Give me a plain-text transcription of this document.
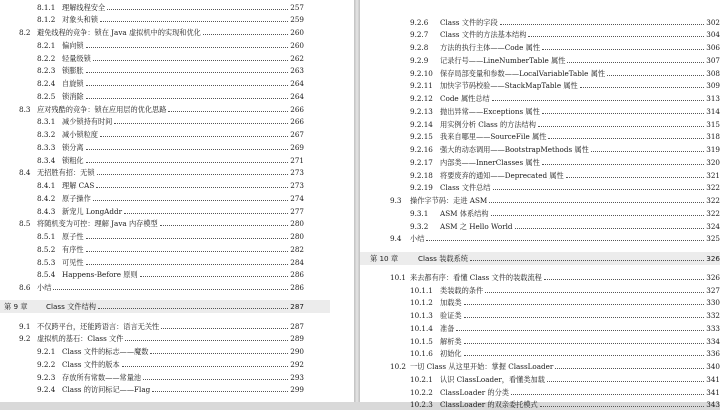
8.1.1 理解线程安全	257
8.1.2 对象头和锁	259
8.2 避免线程的竞争：锁在 Java 虚拟机中的实现和优化	260
8.2.1 偏向锁	260
8.2.2 轻量级锁	262
8.2.3 锁膨胀	263
8.2.4 自旋锁	264
8.2.5 锁消除	264
8.3 应对残酷的竞争：锁在应用层的优化思路	266
8.3.1 减少锁持有时间	266
8.3.2 减小锁粒度	267
8.3.3 锁分离	269
8.3.4 锁粗化	271
8.4 无招胜有招：无锁	273
8.4.1 理解 CAS	273
8.4.2 原子操作	274
8.4.3 新宠儿 LongAddr	277
8.5 将随机变为可控：理解 Java 内存模型	280
8.5.1 原子性	280
8.5.2 有序性	282
8.5.3 可见性	284
8.5.4 Happens-Before 原则	286
8.6 小结	286
第 9 章	Class 文件结构	287
9.1 不仅跨平台，还能跨语言：语言无关性	287
9.2 虚拟机的基石：Class 文件	289
9.2.1 Class 文件的标志——魔数	290
9.2.2 Class 文件的版本	292
9.2.3 存放所有常数——常量池	293
9.2.4 Class 的访问标记——Flag	299
9.2.6	Class 文件的字段	302
9.2.7	Class 文件的方法基本结构	304
9.2.8	方法的执行主体——Code 属性	306
9.2.9	记录行号——LineNumberTable 属性	307
9.2.10 保存局部变量和参数——LocalVariableTable 属性	308
9.2.11 加快字节码校验——StackMapTable 属性	309
9.2.12 Code 属性总结	313
9.2.13 抛出异常——Exceptions 属性	314
9.2.14 用实例分析 Class 的方法结构	315
9.2.15 我来自哪里——SourceFile 属性	318
9.2.16 强大的动态调用——BootstrapMethods 属性	319
9.2.17 内部类——InnerClasses 属性	320
9.2.18 将要废弃的通知——Deprecated 属性	321
9.2.19 Class 文件总结	322
9.3	操作字节码：走进 ASM	322
9.3.1	ASM 体系结构	322
9.3.2	ASM 之 Hello World	324
9.4	小结	325
第 10 章	Class 装载系统	326
10.1 来去都有序：看懂 Class 文件的装载流程	326
10.1.1 类装载的条件	327
10.1.2 加载类	330
10.1.3 验证类	332
10.1.4 准备	333
10.1.5 解析类	334
10.1.6 初始化	336
10.2 一切 Class 从这里开始：掌握 ClassLoader	340
10.2.1 认识 ClassLoader，看懂类加载	341
10.2.2 ClassLoader 的分类	341
10.2.3 ClassLoader 的双亲委托模式	343
